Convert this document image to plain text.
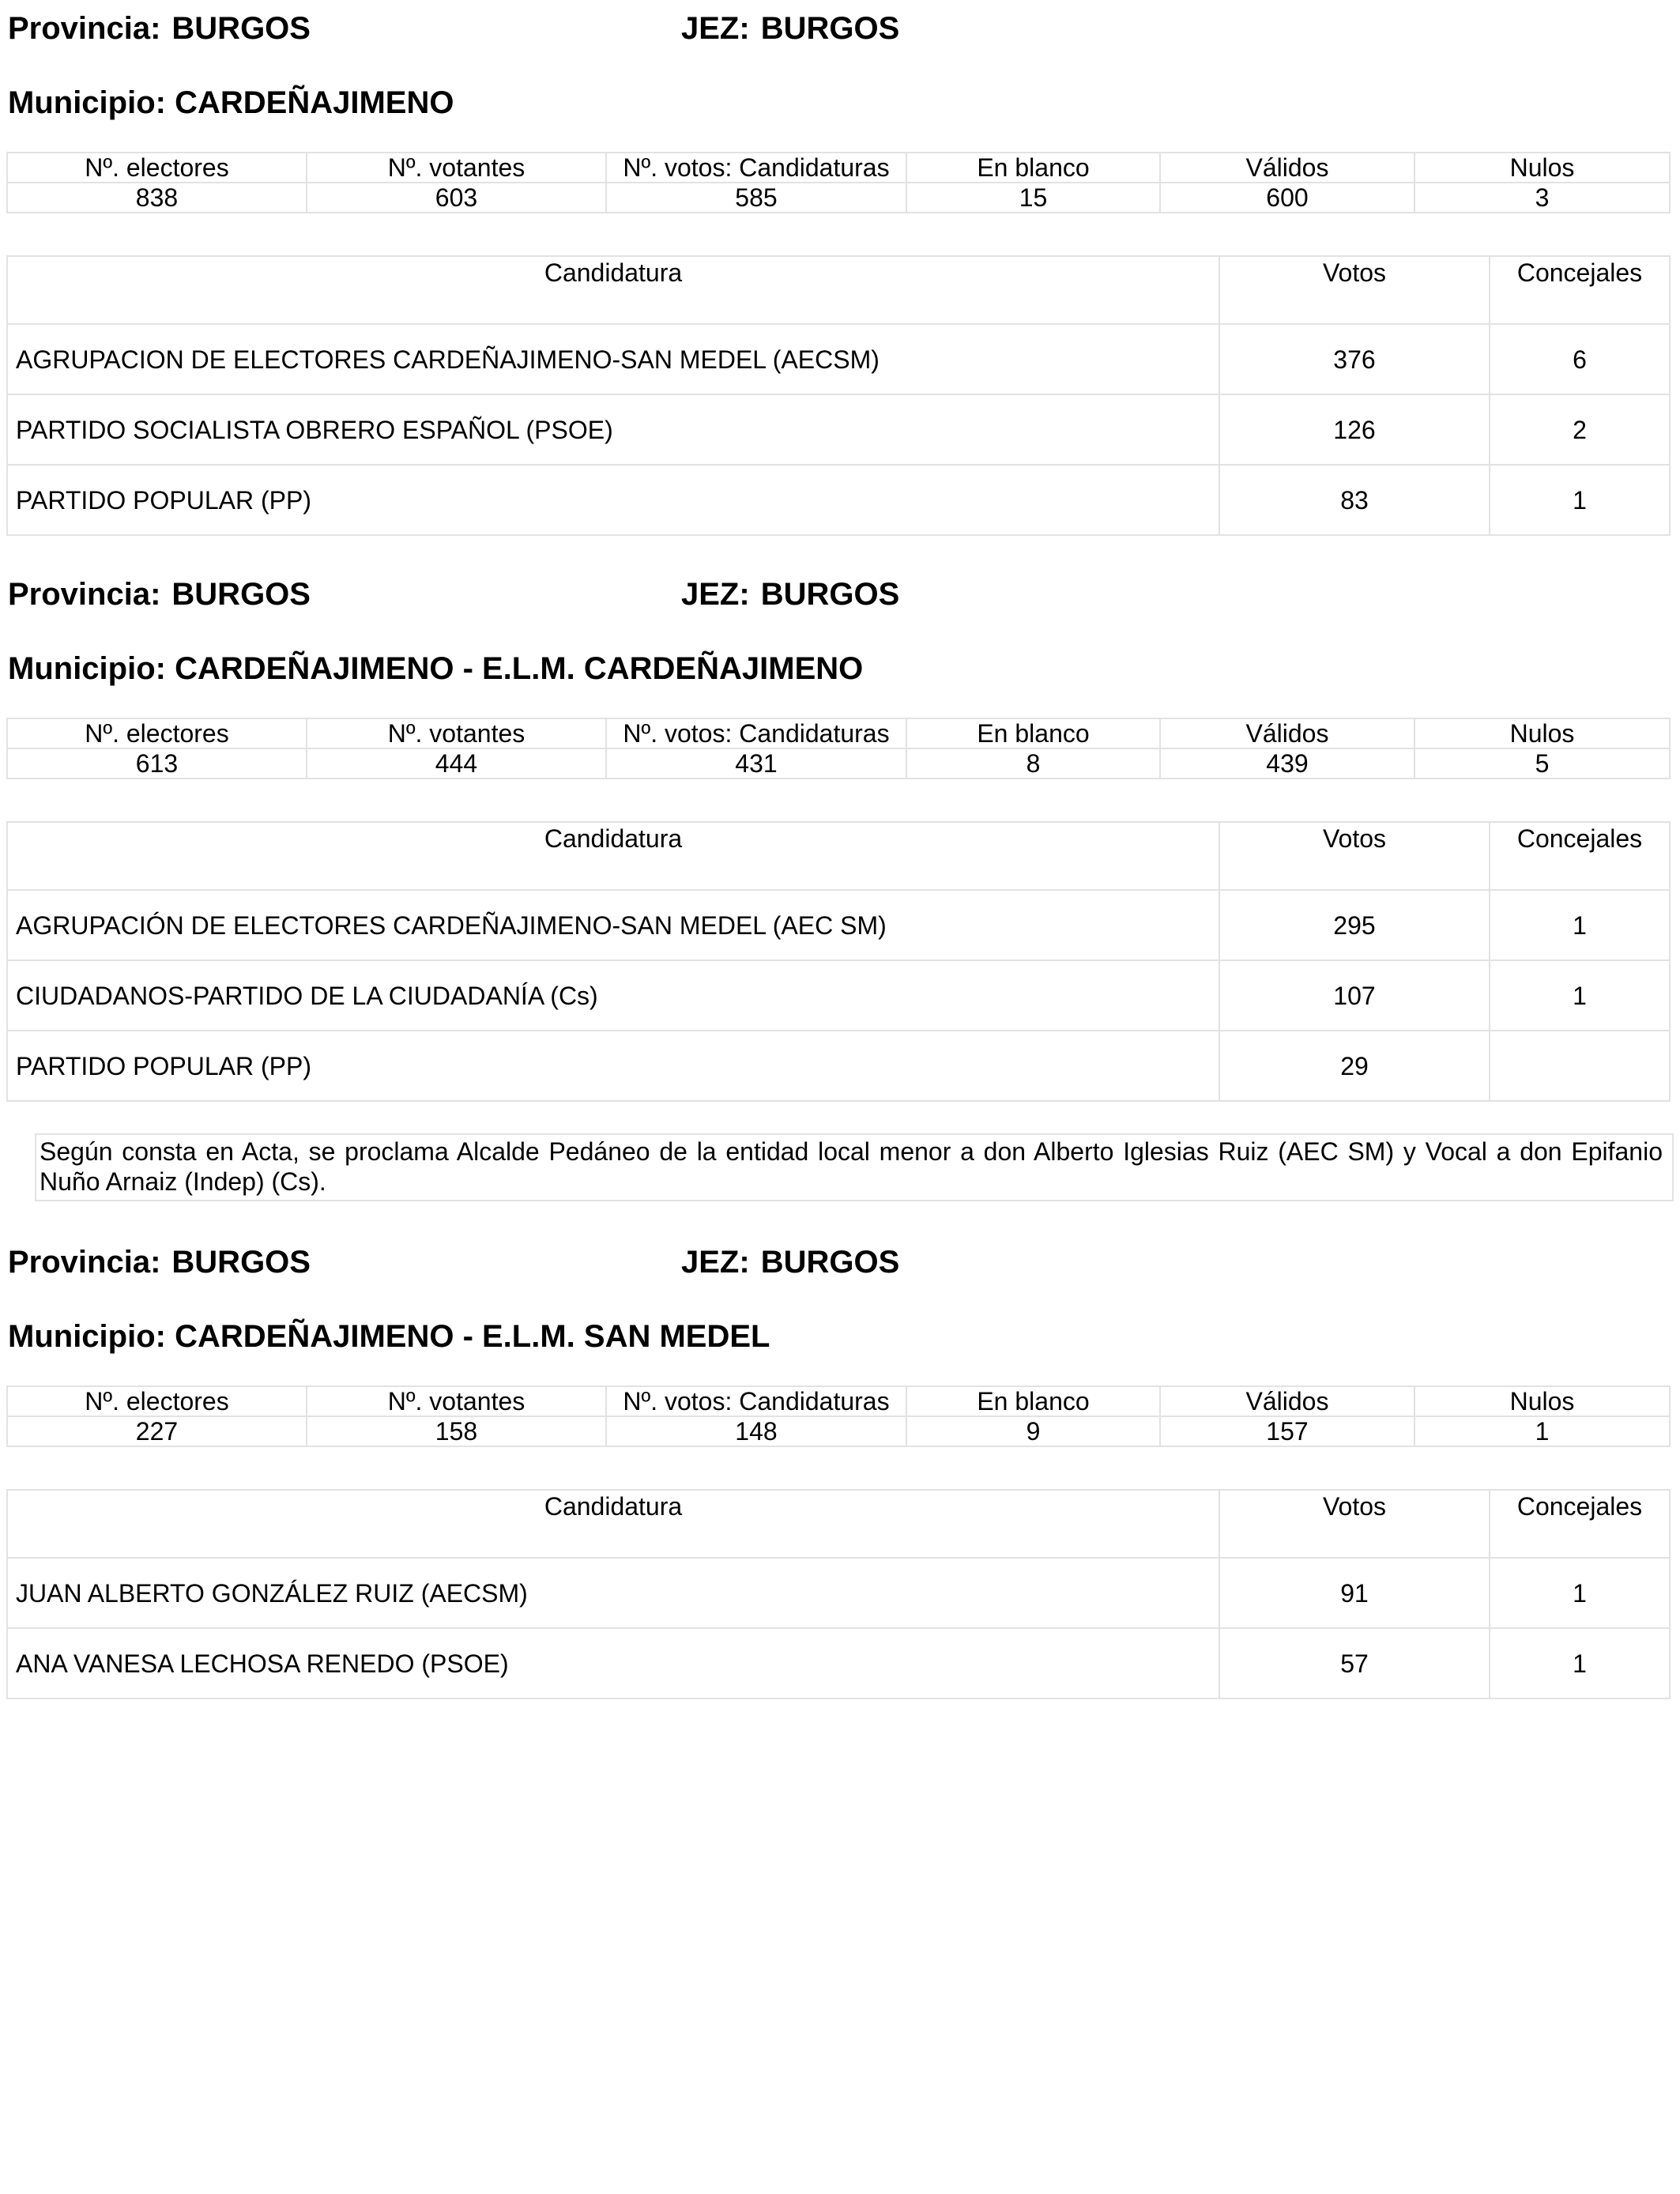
Provincia: BURGOS	JEZ: BURGOS
Municipio: CARDEÑAJIMENO
Nº. electores	Nº. votantes	Nº. votos: Candidaturas	En blanco	Válidos	Nulos
838	603	585	15	600	3
Candidatura	Votos	Concejales
AGRUPACION DE ELECTORES CARDEÑAJIMENO-SAN MEDEL (AECSM)	376	6
PARTIDO SOCIALISTA OBRERO ESPAÑOL (PSOE)	126	2
PARTIDO POPULAR (PP)	83	1
Provincia: BURGOS	JEZ: BURGOS
Municipio: CARDEÑAJIMENO - E.L.M. CARDEÑAJIMENO
Nº. electores	Nº. votantes	Nº. votos: Candidaturas	En blanco	Válidos	Nulos
613	444	431	8	439	5
Candidatura	Votos	Concejales
AGRUPACIÓN DE ELECTORES CARDEÑAJIMENO-SAN MEDEL (AEC SM)	295	1
CIUDADANOS-PARTIDO DE LA CIUDADANÍA (Cs)	107	1
PARTIDO POPULAR (PP)	29	
Según consta en Acta, se proclama Alcalde Pedáneo de la entidad local menor a don Alberto Iglesias Ruiz (AEC SM) y Vocal a don Epifanio Nuño Arnaiz (Indep) (Cs).
Provincia: BURGOS	JEZ: BURGOS
Municipio: CARDEÑAJIMENO - E.L.M. SAN MEDEL
Nº. electores	Nº. votantes	Nº. votos: Candidaturas	En blanco	Válidos	Nulos
227	158	148	9	157	1
Candidatura	Votos	Concejales
JUAN ALBERTO GONZÁLEZ RUIZ (AECSM)	91	1
ANA VANESA LECHOSA RENEDO (PSOE)	57	1
